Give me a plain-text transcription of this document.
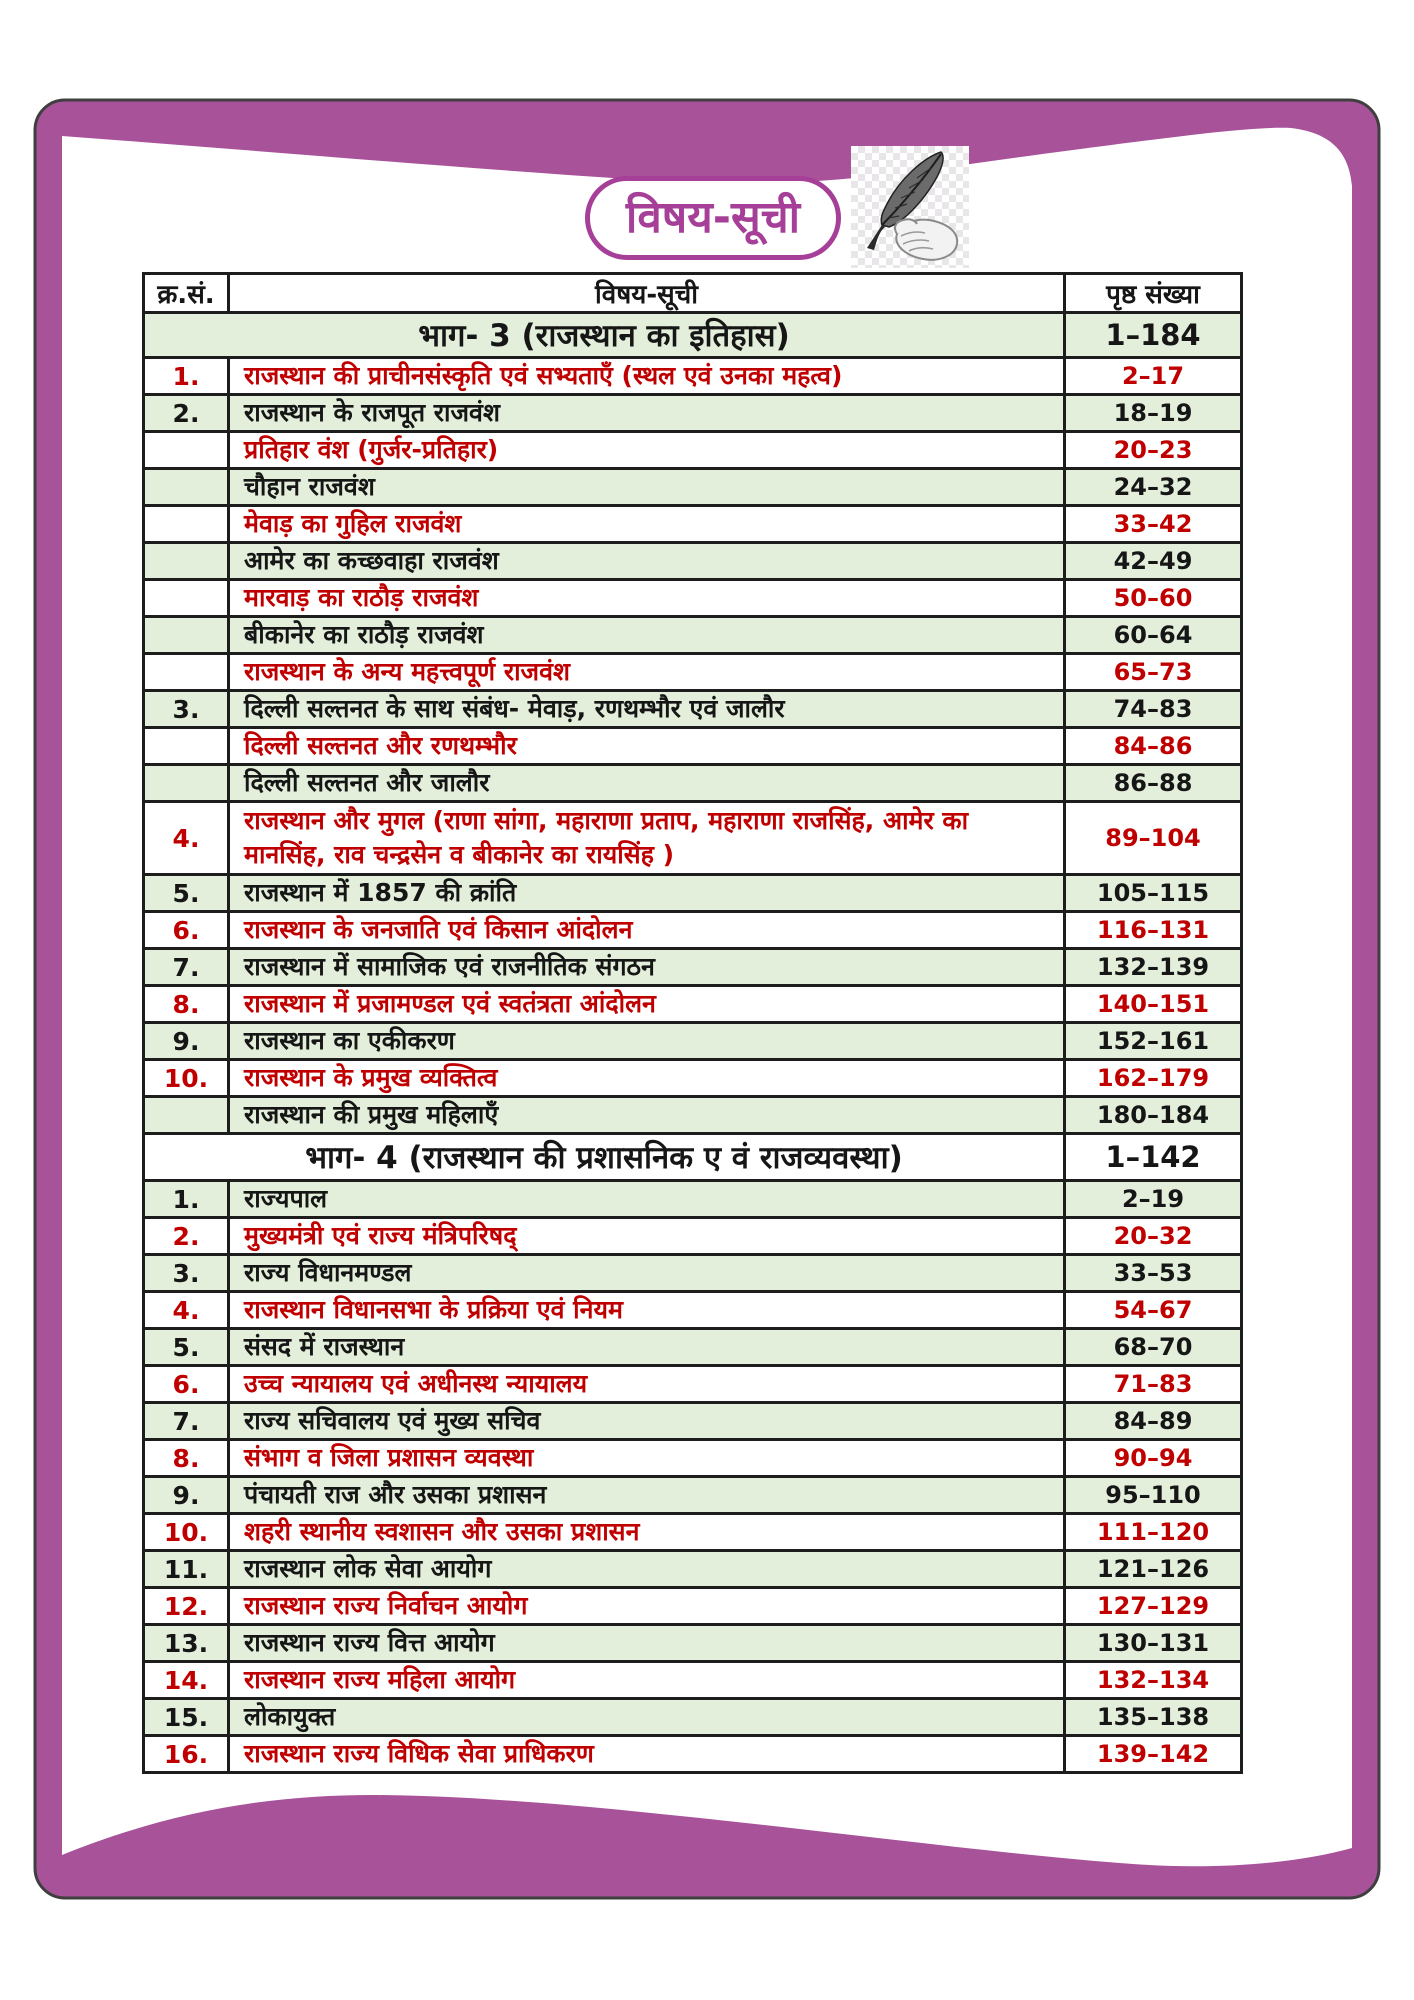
विषय-सूची
क्र.सं.	विषय-सूची	पृष्ठ संख्या
भाग- 3 (राजस्थान का इतिहास)		1–184
1.	राजस्थान की प्राचीनसंस्कृति एवं सभ्यताएँ (स्थल एवं उनका महत्व)	2–17
2.	राजस्थान के राजपूत राजवंश	18–19
	प्रतिहार वंश (गुर्जर-प्रतिहार)	20–23
	चौहान राजवंश	24–32
	मेवाड़ का गुहिल राजवंश	33–42
	आमेर का कच्छवाहा राजवंश	42–49
	मारवाड़ का राठौड़ राजवंश	50–60
	बीकानेर का राठौड़ राजवंश	60–64
	राजस्थान के अन्य महत्त्वपूर्ण राजवंश	65–73
3.	दिल्ली सल्तनत के साथ संबंध- मेवाड़, रणथम्भौर एवं जालौर	74–83
	दिल्ली सल्तनत और रणथम्भौर	84–86
	दिल्ली सल्तनत और जालौर	86–88
4.	राजस्थान और मुगल (राणा सांगा, महाराणा प्रताप, महाराणा राजसिंह, आमेर का मानसिंह, राव चन्द्रसेन व बीकानेर का रायसिंह )	89–104
5.	राजस्थान में 1857 की क्रांति	105–115
6.	राजस्थान के जनजाति एवं किसान आंदोलन	116–131
7.	राजस्थान में सामाजिक एवं राजनीतिक संगठन	132–139
8.	राजस्थान में प्रजामण्डल एवं स्वतंत्रता आंदोलन	140–151
9.	राजस्थान का एकीकरण	152–161
10.	राजस्थान के प्रमुख व्यक्तित्व	162–179
	राजस्थान की प्रमुख महिलाएँ	180–184
भाग- 4 (राजस्थान की प्रशासनिक ए वं राजव्यवस्था)		1–142
1.	राज्यपाल	2–19
2.	मुख्यमंत्री एवं राज्य मंत्रिपरिषद्	20–32
3.	राज्य विधानमण्डल	33–53
4.	राजस्थान विधानसभा के प्रक्रिया एवं नियम	54–67
5.	संसद में राजस्थान	68–70
6.	उच्च न्यायालय एवं अधीनस्थ न्यायालय	71–83
7.	राज्य सचिवालय एवं मुख्य सचिव	84–89
8.	संभाग व जिला प्रशासन व्यवस्था	90–94
9.	पंचायती राज और उसका प्रशासन	95–110
10.	शहरी स्थानीय स्वशासन और उसका प्रशासन	111–120
11.	राजस्थान लोक सेवा आयोग	121–126
12.	राजस्थान राज्य निर्वाचन आयोग	127–129
13.	राजस्थान राज्य वित्त आयोग	130–131
14.	राजस्थान राज्य महिला आयोग	132–134
15.	लोकायुक्त	135–138
16.	राजस्थान राज्य विधिक सेवा प्राधिकरण	139–142
